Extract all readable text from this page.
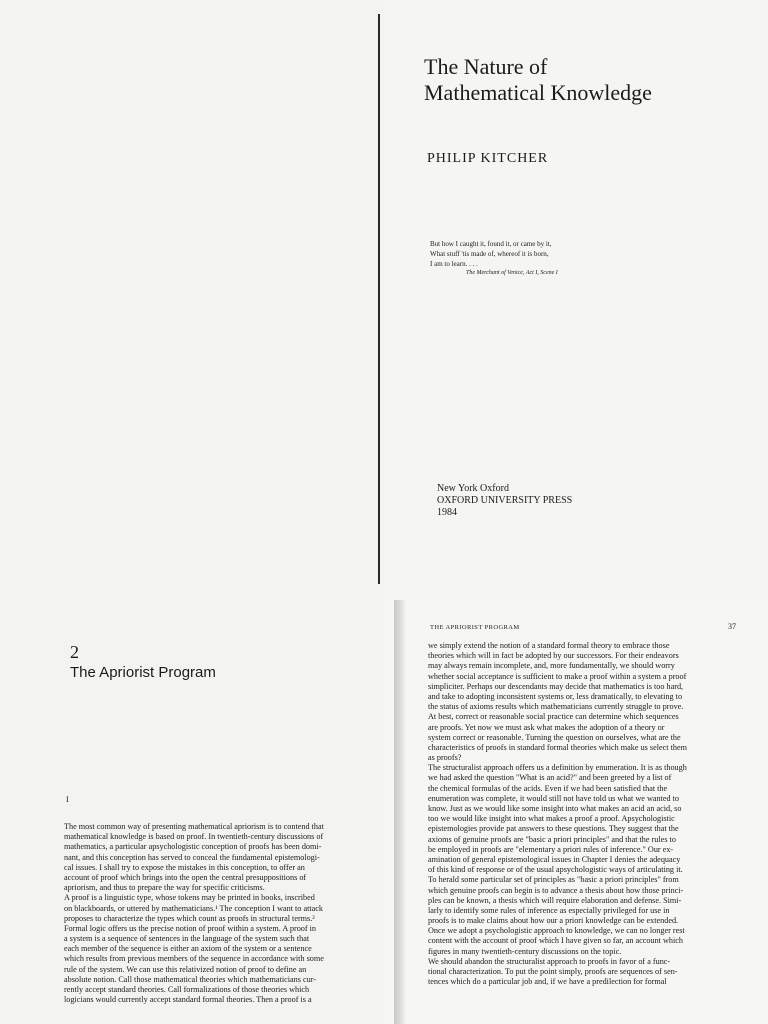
The Nature of
Mathematical Knowledge
PHILIP KITCHER
But how I caught it, found it, or came by it,
What stuff 'tis made of, whereof it is born,
I am to learn. . . .
The Merchant of Venice, Act I, Scene I
New York Oxford
OXFORD UNIVERSITY PRESS
1984
2
The Apriorist Program
I
The most common way of presenting mathematical apriorism is to contend that
mathematical knowledge is based on proof. In twentieth-century discussions of
mathematics, a particular apsychologistic conception of proofs has been domi-
nant, and this conception has served to conceal the fundamental epistemologi-
cal issues. I shall try to expose the mistakes in this conception, to offer an
account of proof which brings into the open the central presuppositions of
apriorism, and thus to prepare the way for specific criticisms.
A proof is a linguistic type, whose tokens may be printed in books, inscribed
on blackboards, or uttered by mathematicians.¹ The conception I want to attack
proposes to characterize the types which count as proofs in structural terms.²
Formal logic offers us the precise notion of proof within a system. A proof in
a system is a sequence of sentences in the language of the system such that
each member of the sequence is either an axiom of the system or a sentence
which results from previous members of the sequence in accordance with some
rule of the system. We can use this relativized notion of proof to define an
absolute notion. Call those mathematical theories which mathematicians cur-
rently accept standard theories. Call formalizations of those theories which
logicians would currently accept standard formal theories. Then a proof is a
THE APRIORIST PROGRAM	37
we simply extend the notion of a standard formal theory to embrace those
theories which will in fact be adopted by our successors. For their endeavors
may always remain incomplete, and, more fundamentally, we should worry
whether social acceptance is sufficient to make a proof within a system a proof
simpliciter. Perhaps our descendants may decide that mathematics is too hard,
and take to adopting inconsistent systems or, less dramatically, to elevating to
the status of axioms results which mathematicians currently struggle to prove.
At best, correct or reasonable social practice can determine which sequences
are proofs. Yet now we must ask what makes the adoption of a theory or
system correct or reasonable. Turning the question on ourselves, what are the
characteristics of proofs in standard formal theories which make us select them
as proofs?
The structuralist approach offers us a definition by enumeration. It is as though
we had asked the question "What is an acid?" and been greeted by a list of
the chemical formulas of the acids. Even if we had been satisfied that the
enumeration was complete, it would still not have told us what we wanted to
know. Just as we would like some insight into what makes an acid an acid, so
too we would like insight into what makes a proof a proof. Apsychologistic
epistemologies provide pat answers to these questions. They suggest that the
axioms of genuine proofs are "basic a priori principles" and that the rules to
be employed in proofs are "elementary a priori rules of inference." Our ex-
amination of general epistemological issues in Chapter I denies the adequacy
of this kind of response or of the usual apsychologistic ways of articulating it.
To herald some particular set of principles as "basic a priori principles" from
which genuine proofs can begin is to advance a thesis about how those princi-
ples can be known, a thesis which will require elaboration and defense. Simi-
larly to identify some rules of inference as especially privileged for use in
proofs is to make claims about how our a priori knowledge can be extended.
Once we adopt a psychologistic approach to knowledge, we can no longer rest
content with the account of proof which I have given so far, an account which
figures in many twentieth-century discussions on the topic.
We should abandon the structuralist approach to proofs in favor of a func-
tional characterization. To put the point simply, proofs are sequences of sen-
tences which do a particular job and, if we have a predilection for formal
